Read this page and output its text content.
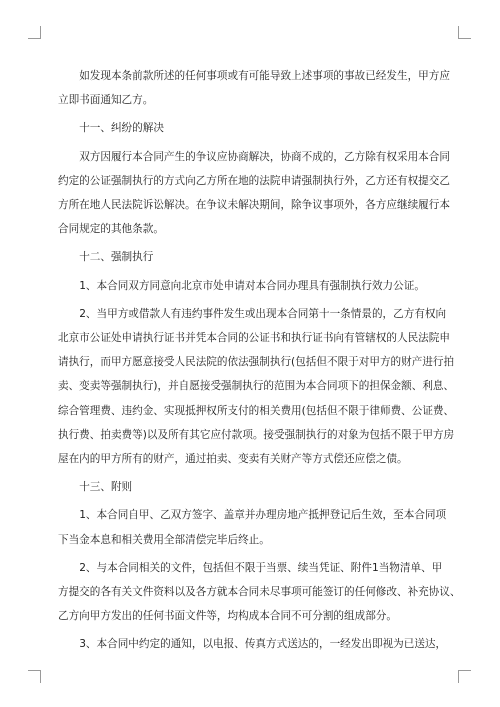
如发现本条前款所述的任何事项或有可能导致上述事项的事故已经发生，甲方应
立即书面通知乙方。
十一、纠纷的解决
双方因履行本合同产生的争议应协商解决，协商不成的，乙方除有权采用本合同
约定的公证强制执行的方式向乙方所在地的法院申请强制执行外，乙方还有权提交乙
方所在地人民法院诉讼解决。在争议未解决期间，除争议事项外，各方应继续履行本
合同规定的其他条款。
十二、强制执行
1、本合同双方同意向北京市处申请对本合同办理具有强制执行效力公证。
2、当甲方或借款人有违约事件发生或出现本合同第十一条情景的，乙方有权向
北京市公证处申请执行证书并凭本合同的公证书和执行证书向有管辖权的人民法院申
请执行，而甲方愿意接受人民法院的依法强制执行(包括但不限于对甲方的财产进行拍
卖、变卖等强制执行)，并自愿接受强制执行的范围为本合同项下的担保金额、利息、
综合管理费、违约金、实现抵押权所支付的相关费用(包括但不限于律师费、公证费、
执行费、拍卖费等)以及所有其它应付款项。接受强制执行的对象为包括不限于甲方房
屋在内的甲方所有的财产，通过拍卖、变卖有关财产等方式偿还应偿之债。
十三、附则
1、本合同自甲、乙双方签字、盖章并办理房地产抵押登记后生效，至本合同项
下当金本息和相关费用全部清偿完毕后终止。
2、与本合同相关的文件，包括但不限于当票、续当凭证、附件1当物清单、甲
方提交的各有关文件资料以及各方就本合同未尽事项可能签订的任何修改、补充协议、
乙方向甲方发出的任何书面文件等，均构成本合同不可分割的组成部分。
3、本合同中约定的通知，以电报、传真方式送达的，一经发出即视为已送达，
